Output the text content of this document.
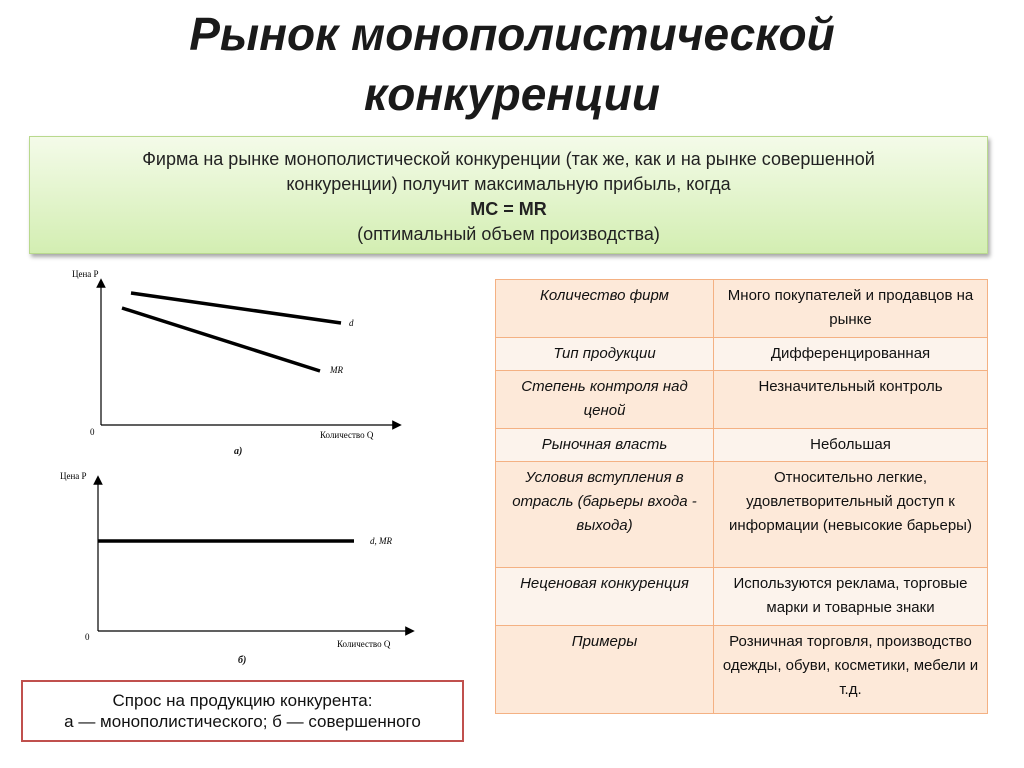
Рынок монополистической
конкуренции
Фирма на рынке монополистической конкуренции (так же, как и на рынке совершенной конкуренции) получит максимальную прибыль, когда
MC = MR
(оптимальный объем производства)
Цена P
Количество Q
0
d
MR
а)
Цена P
Количество Q
0
d, MR
б)
Спрос на продукцию конкурента:
а — монополистического; б — совершенного
Количество фирм	Много покупателей и продавцов на рынке
Тип продукции	Дифференцированная
Степень контроля над ценой	Незначительный контроль
Рыночная власть	Небольшая
Условия вступления в отрасль (барьеры входа - выхода)	Относительно легкие, удовлетворительный доступ к информации (невысокие барьеры)
Неценовая конкуренция	Используются реклама, торговые марки и товарные знаки
Примеры	Розничная торговля, производство одежды, обуви, косметики, мебели и т.д.
